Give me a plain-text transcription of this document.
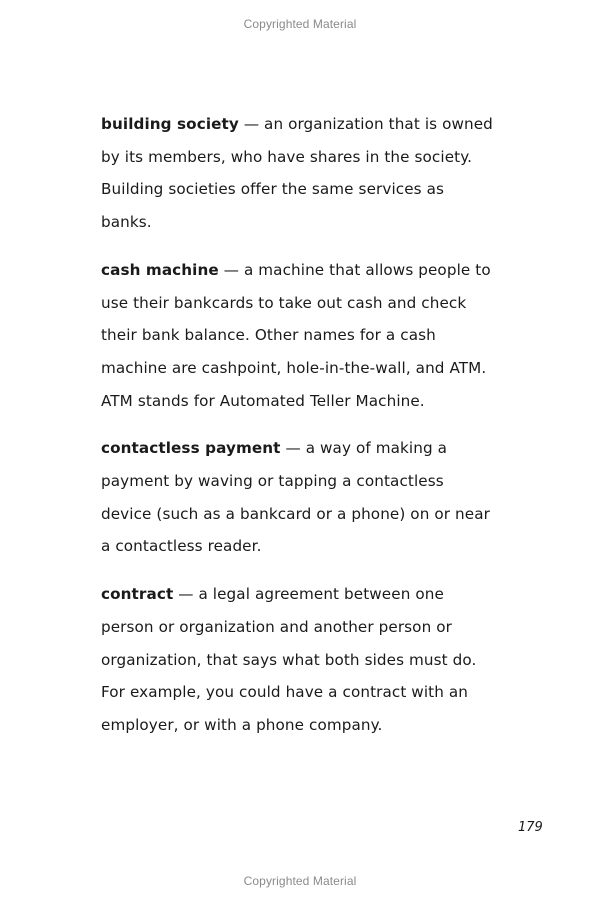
Copyrighted Material

building society — an organization that is owned by its members, who have shares in the society. Building societies offer the same services as banks.

cash machine — a machine that allows people to use their bankcards to take out cash and check their bank balance. Other names for a cash machine are cashpoint, hole-in-the-wall, and ATM. ATM stands for Automated Teller Machine.

contactless payment — a way of making a payment by waving or tapping a contactless device (such as a bankcard or a phone) on or near a contactless reader.

contract — a legal agreement between one person or organization and another person or organization, that says what both sides must do. For example, you could have a contract with an employer, or with a phone company.

179
Copyrighted Material
